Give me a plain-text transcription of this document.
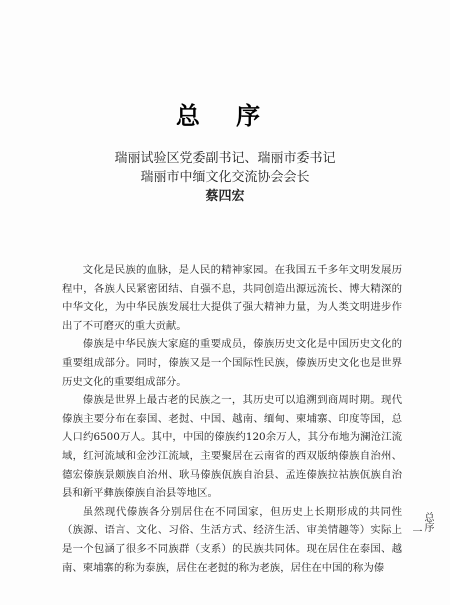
总 序
瑞丽试验区党委副书记、瑞丽市委书记
瑞丽市中缅文化交流协会会长
蔡四宏

文化是民族的血脉，是人民的精神家园。在我国五千多年文明发展历程中，各族人民紧密团结、自强不息，共同创造出源远流长、博大精深的中华文化，为中华民族发展壮大提供了强大精神力量，为人类文明进步作出了不可磨灭的重大贡献。

傣族是中华民族大家庭的重要成员，傣族历史文化是中国历史文化的重要组成部分。同时，傣族又是一个国际性民族，傣族历史文化也是世界历史文化的重要组成部分。

傣族是世界上最古老的民族之一，其历史可以追溯到商周时期。现代傣族主要分布在泰国、老挝、中国、越南、缅甸、柬埔寨、印度等国，总人口约6500万人。其中，中国的傣族约120余万人，其分布地为澜沧江流域，红河流域和金沙江流域，主要聚居在云南省的西双版纳傣族自治州、德宏傣族景颇族自治州、耿马傣族佤族自治县、孟连傣族拉祜族佤族自治县和新平彝族傣族自治县等地区。

虽然现代傣族各分别居住在不同国家，但历史上长期形成的共同性（族源、语言、文化、习俗、生活方式、经济生活、审美情趣等）实际上是一个包涵了很多不同族群（支系）的民族共同体。现在居住在泰国、越南、柬埔寨的称为泰族，居住在老挝的称为老族，居住在中国的称为傣

总序
一
